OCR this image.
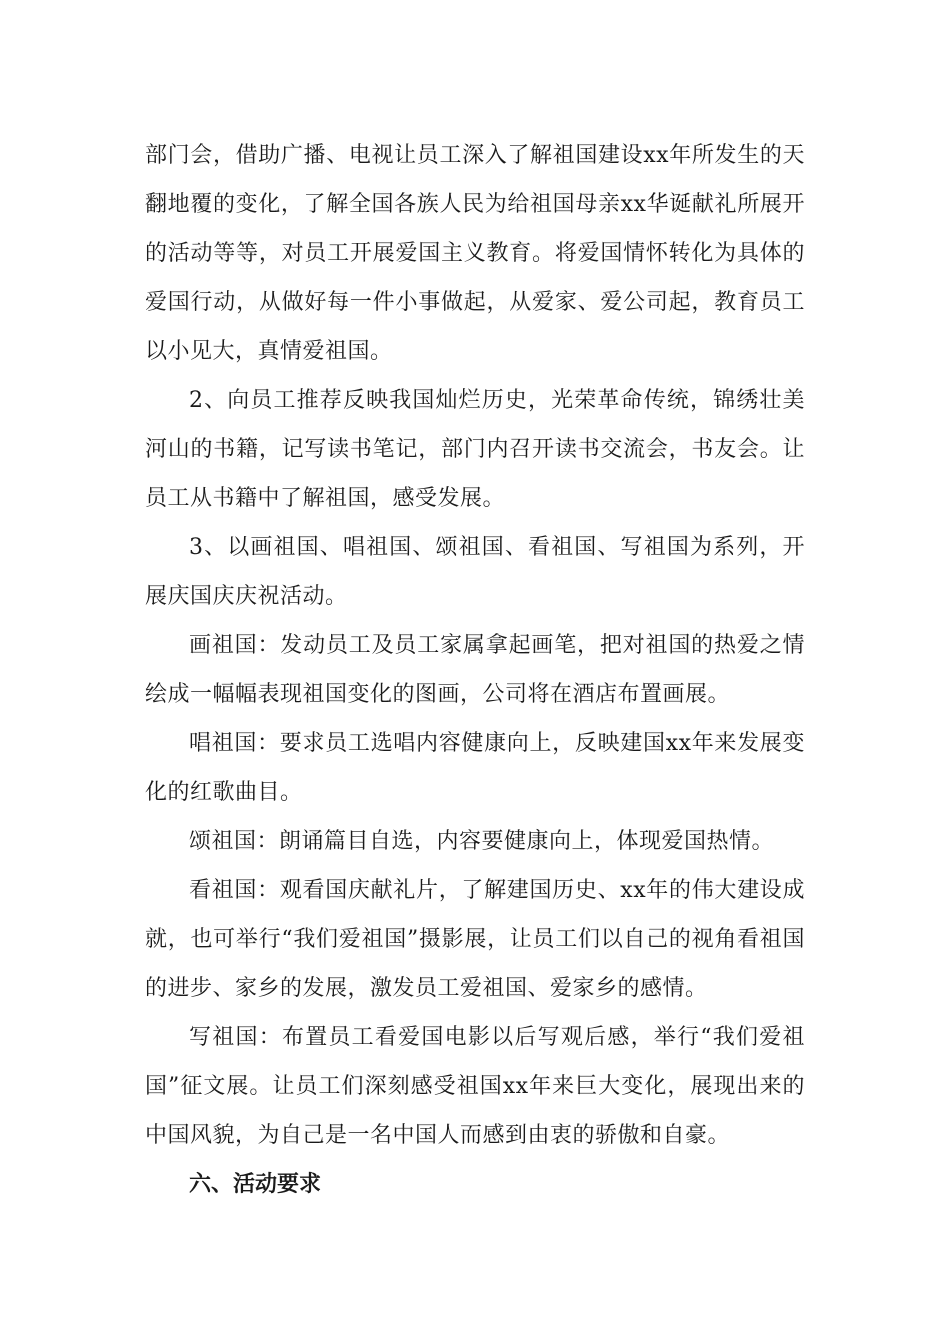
部门会，借助广播、电视让员工深入了解祖国建设xx年所发生的天翻地覆的变化，了解全国各族人民为给祖国母亲xx华诞献礼所展开的活动等等，对员工开展爱国主义教育。将爱国情怀转化为具体的爱国行动，从做好每一件小事做起，从爱家、爱公司起，教育员工以小见大，真情爱祖国。

2、向员工推荐反映我国灿烂历史，光荣革命传统，锦绣壮美河山的书籍，记写读书笔记，部门内召开读书交流会，书友会。让员工从书籍中了解祖国，感受发展。

3、以画祖国、唱祖国、颂祖国、看祖国、写祖国为系列，开展庆国庆庆祝活动。

画祖国：发动员工及员工家属拿起画笔，把对祖国的热爱之情绘成一幅幅表现祖国变化的图画，公司将在酒店布置画展。

唱祖国：要求员工选唱内容健康向上，反映建国xx年来发展变化的红歌曲目。

颂祖国：朗诵篇目自选，内容要健康向上，体现爱国热情。

看祖国：观看国庆献礼片，了解建国历史、xx年的伟大建设成就，也可举行“我们爱祖国”摄影展，让员工们以自己的视角看祖国的进步、家乡的发展，激发员工爱祖国、爱家乡的感情。

写祖国：布置员工看爱国电影以后写观后感，举行“我们爱祖国”征文展。让员工们深刻感受祖国xx年来巨大变化，展现出来的中国风貌，为自己是一名中国人而感到由衷的骄傲和自豪。

六、活动要求
